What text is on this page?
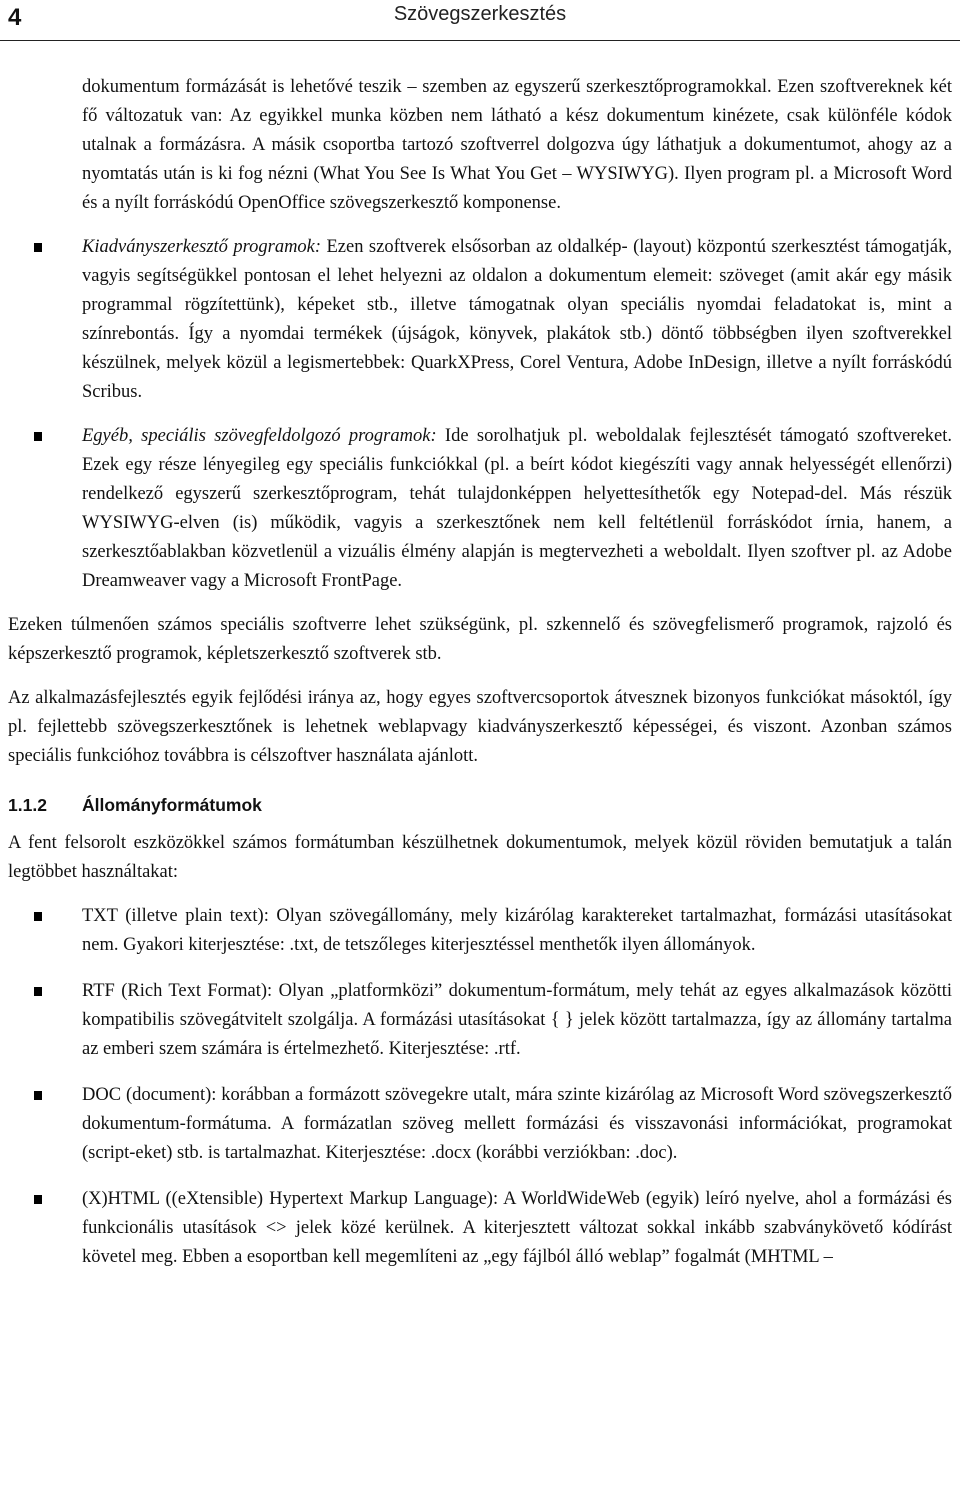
4	Szövegszerkesztés

dokumentum formázását is lehetővé teszik – szemben az egyszerű szerkesztőprogramokkal. Ezen szoftvereknek két fő változatuk van: Az egyikkel munka közben nem látható a kész dokumentum kinézete, csak különféle kódok utalnak a formázásra. A másik csoportba tartozó szoftverrel dolgozva úgy láthatjuk a dokumentumot, ahogy az a nyomtatás után is ki fog nézni (What You See Is What You Get – WYSIWYG). Ilyen program pl. a Microsoft Word és a nyílt forráskódú OpenOffice szövegszerkesztő komponense.

Kiadványszerkesztő programok: Ezen szoftverek elsősorban az oldalkép- (layout) központú szerkesztést támogatják, vagyis segítségükkel pontosan el lehet helyezni az oldalon a dokumentum elemeit: szöveget (amit akár egy másik programmal rögzítettünk), képeket stb., illetve támogatnak olyan speciális nyomdai feladatokat is, mint a színrebontás. Így a nyomdai termékek (újságok, könyvek, plakátok stb.) döntő többségben ilyen szoftverekkel készülnek, melyek közül a legismertebbek: QuarkXPress, Corel Ventura, Adobe InDesign, illetve a nyílt forráskódú Scribus.
Egyéb, speciális szövegfeldolgozó programok: Ide sorolhatjuk pl. weboldalak fejlesztését támogató szoftvereket. Ezek egy része lényegileg egy speciális funkciókkal (pl. a beírt kódot kiegészíti vagy annak helyességét ellenőrzi) rendelkező egyszerű szerkesztőprogram, tehát tulajdonképpen helyettesíthetők egy Notepad-del. Más részük WYSIWYG-elven (is) működik, vagyis a szerkesztőnek nem kell feltétlenül forráskódot írnia, hanem, a szerkesztőablakban közvetlenül a vizuális élmény alapján is megtervezheti a weboldalt. Ilyen szoftver pl. az Adobe Dreamweaver vagy a Microsoft FrontPage.

Ezeken túlmenően számos speciális szoftverre lehet szükségünk, pl. szkennelő és szövegfelismerő programok, rajzoló és képszerkesztő programok, képletszerkesztő szoftverek stb.

Az alkalmazásfejlesztés egyik fejlődési iránya az, hogy egyes szoftvercsoportok átvesznek bizonyos funkciókat másoktól, így pl. fejlettebb szövegszerkesztőnek is lehetnek weblapvagy kiadványszerkesztő képességei, és viszont. Azonban számos speciális funkcióhoz továbbra is célszoftver használata ajánlott.

1.1.2 Állományformátumok

A fent felsorolt eszközökkel számos formátumban készülhetnek dokumentumok, melyek közül röviden bemutatjuk a talán legtöbbet használtakat:

TXT (illetve plain text): Olyan szövegállomány, mely kizárólag karaktereket tartalmazhat, formázási utasításokat nem. Gyakori kiterjesztése: .txt, de tetszőleges kiterjesztéssel menthetők ilyen állományok.
RTF (Rich Text Format): Olyan „platformközi” dokumentum-formátum, mely tehát az egyes alkalmazások közötti kompatibilis szövegátvitelt szolgálja. A formázási utasításokat { } jelek között tartalmazza, így az állomány tartalma az emberi szem számára is értelmezhető. Kiterjesztése: .rtf.
DOC (document): korábban a formázott szövegekre utalt, mára szinte kizárólag az Microsoft Word szövegszerkesztő dokumentum-formátuma. A formázatlan szöveg mellett formázási és visszavonási információkat, programokat (script-eket) stb. is tartalmazhat. Kiterjesztése: .docx (korábbi verziókban: .doc).
(X)HTML ((eXtensible) Hypertext Markup Language): A WorldWideWeb (egyik) leíró nyelve, ahol a formázási és funkcionális utasítások <> jelek közé kerülnek. A kiterjesztett változat sokkal inkább szabványkövető kódírást követel meg. Ebben a esoportban kell megemlíteni az „egy fájlból álló weblap” fogalmát (MHTML –
